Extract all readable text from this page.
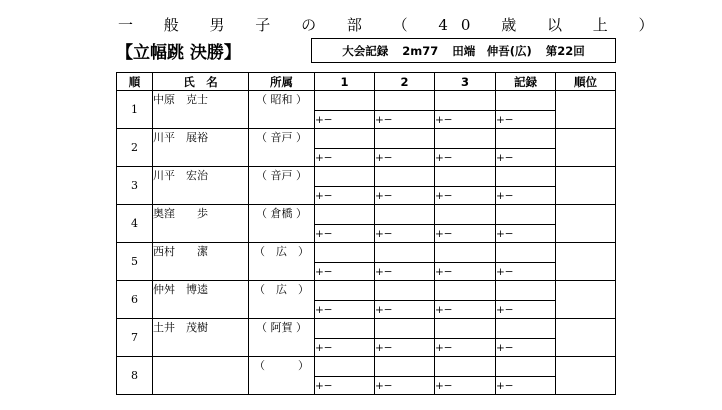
一 般 男 子 の 部 （ 40 歳 以 上 ）
【立幅跳 決勝】	大会記録 2m77 田端　伸吾(広) 第22回
順	氏　名	所属	1	2	3	記録	順位
1	中原　克士	（ 昭和 ）					
			+−	+−	+−	+−	
2	川平　展裕	（ 音戸 ）					
			+−	+−	+−	+−	
3	川平　宏治	（ 音戸 ）					
			+−	+−	+−	+−	
4	奥窪　　歩	（ 倉橋 ）					
			+−	+−	+−	+−	
5	西村　　潔	（　広　）					
			+−	+−	+−	+−	
6	仲舛　博逵	（　広　）					
			+−	+−	+−	+−	
7	土井　茂樹	（ 阿賀 ）					
			+−	+−	+−	+−	
8		（　　　）					
			+−	+−	+−	+−	
